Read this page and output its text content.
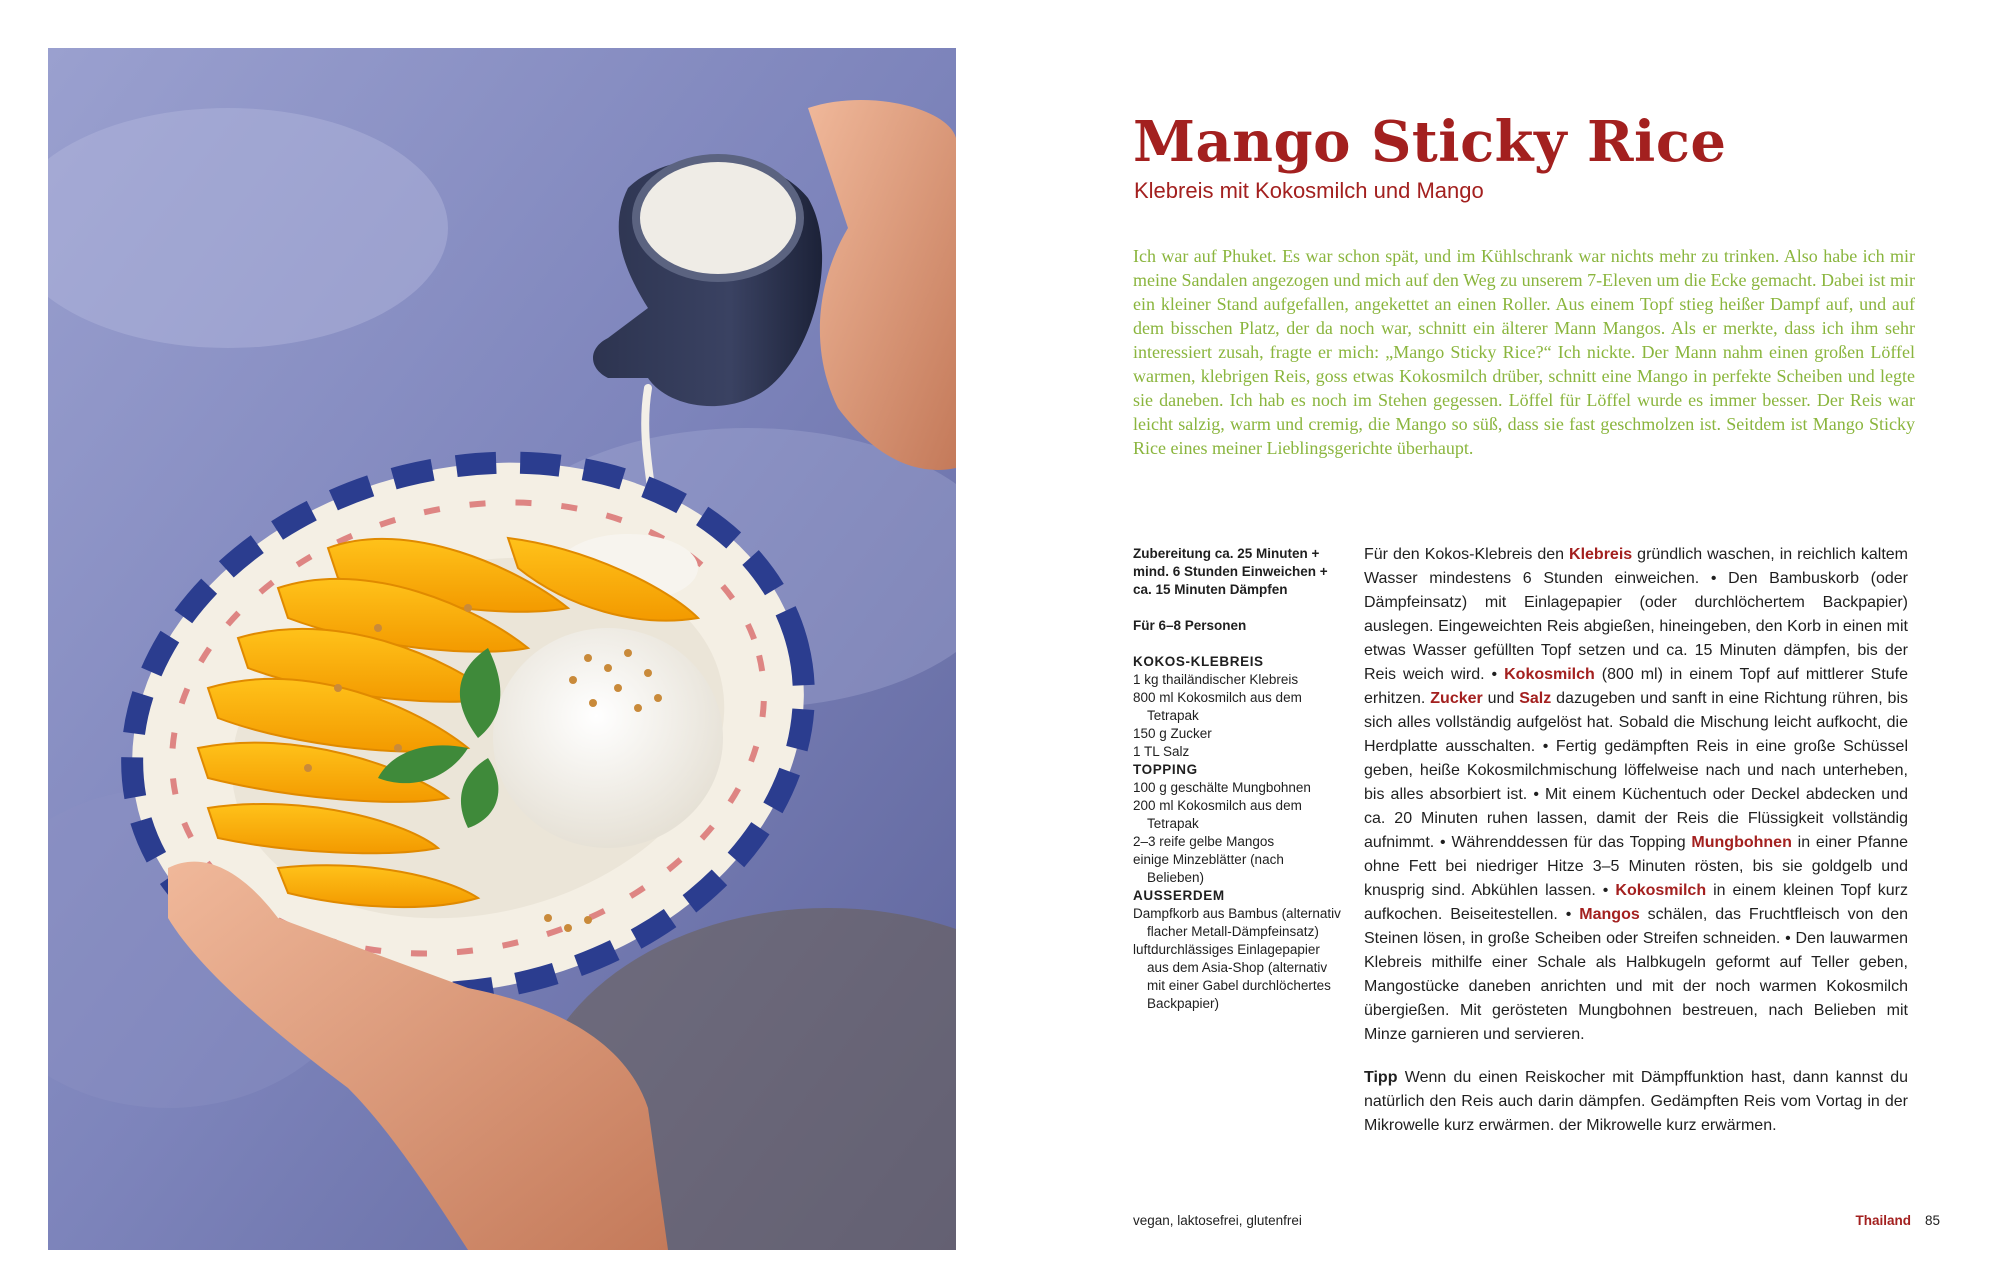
Mango Sticky Rice
Klebreis mit Kokosmilch und Mango

Ich war auf Phuket. Es war schon spät, und im Kühlschrank war nichts mehr zu trinken. Also habe ich mir meine Sandalen angezogen und mich auf den Weg zu unserem 7-Eleven um die Ecke gemacht. Dabei ist mir ein kleiner Stand aufgefallen, angekettet an einen Roller. Aus einem Topf stieg heißer Dampf auf, und auf dem bisschen Platz, der da noch war, schnitt ein älterer Mann Mangos. Als er merkte, dass ich ihm sehr interessiert zusah, fragte er mich: „Mango Sticky Rice?“ Ich nickte. Der Mann nahm einen großen Löffel warmen, klebrigen Reis, goss etwas Kokosmilch drüber, schnitt eine Mango in perfekte Scheiben und legte sie daneben. Ich hab es noch im Stehen gegessen. Löffel für Löffel wurde es immer besser. Der Reis war leicht salzig, warm und cremig, die Mango so süß, dass sie fast geschmolzen ist. Seitdem ist Mango Sticky Rice eines meiner Lieblingsgerichte überhaupt.

Zubereitung ca. 25 Minuten + mind. 6 Stunden Einweichen + ca. 15 Minuten Dämpfen
Für 6–8 Personen
KOKOS-KLEBREIS
1 kg thailändischer Klebreis
800 ml Kokosmilch aus dem Tetrapak
150 g Zucker
1 TL Salz
TOPPING
100 g geschälte Mungbohnen
200 ml Kokosmilch aus dem Tetrapak
2–3 reife gelbe Mangos
einige Minzeblätter (nach Belieben)
AUSSERDEM
Dampfkorb aus Bambus (alternativ flacher Metall-Dämpfeinsatz)
luftdurchlässiges Einlagepapier aus dem Asia-Shop (alternativ mit einer Gabel durchlöchertes Backpapier)

Für den Kokos-Klebreis den Klebreis gründlich waschen, in reichlich kaltem Wasser mindestens 6 Stunden einweichen. • Den Bambuskorb (oder Dämpfeinsatz) mit Einlagepapier (oder durchlöchertem Backpapier) auslegen. Eingeweichten Reis abgießen, hineingeben, den Korb in einen mit etwas Wasser gefüllten Topf setzen und ca. 15 Minuten dämpfen, bis der Reis weich wird. • Kokosmilch (800 ml) in einem Topf auf mittlerer Stufe erhitzen. Zucker und Salz dazugeben und sanft in eine Richtung rühren, bis sich alles vollständig aufgelöst hat. Sobald die Mischung leicht aufkocht, die Herdplatte ausschalten. • Fertig gedämpften Reis in eine große Schüssel geben, heiße Kokosmilchmischung löffelweise nach und nach unterheben, bis alles absorbiert ist. • Mit einem Küchentuch oder Deckel abdecken und ca. 20 Minuten ruhen lassen, damit der Reis die Flüssigkeit vollständig aufnimmt. • Währenddessen für das Topping Mungbohnen in einer Pfanne ohne Fett bei niedriger Hitze 3–5 Minuten rösten, bis sie goldgelb und knusprig sind. Abkühlen lassen. • Kokosmilch in einem kleinen Topf kurz aufkochen. Beiseitestellen. • Mangos schälen, das Fruchtfleisch von den Steinen lösen, in große Scheiben oder Streifen schneiden. • Den lauwarmen Klebreis mithilfe einer Schale als Halbkugeln geformt auf Teller geben, Mangostücke daneben anrichten und mit der noch warmen Kokosmilch übergießen. Mit gerösteten Mungbohnen bestreuen, nach Belieben mit Minze garnieren und servieren.

Tipp Wenn du einen Reiskocher mit Dämpffunktion hast, dann kannst du natürlich den Reis auch darin dämpfen. Gedämpften Reis vom Vortag in der Mikrowelle kurz erwärmen. der Mikrowelle kurz erwärmen.

vegan, laktosefrei, glutenfrei	Thailand 85
